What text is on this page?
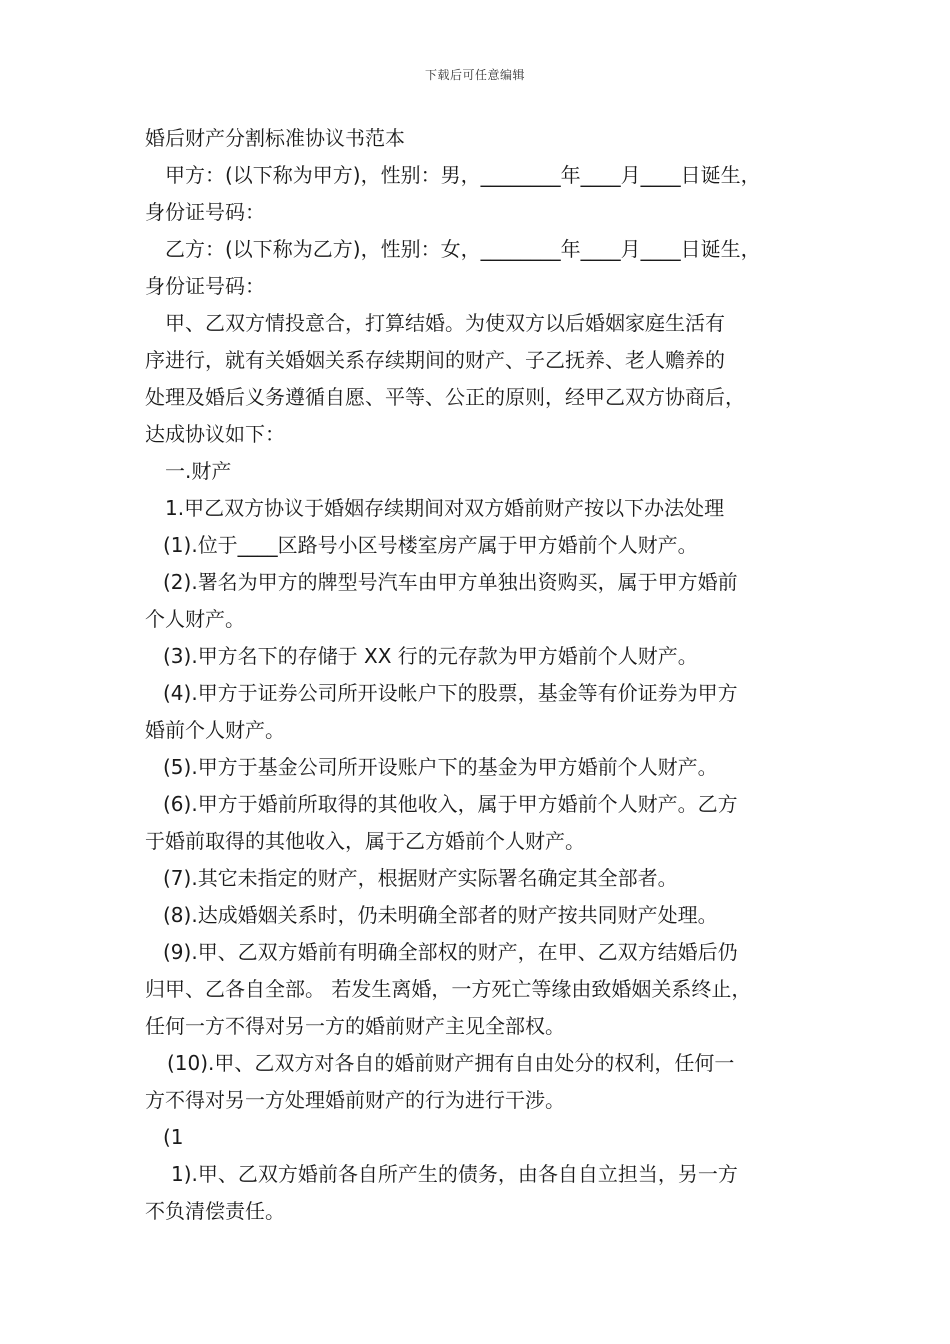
下载后可任意编辑
婚后财产分割标准协议书范本
甲方：(以下称为甲方)，性别：男，________年____月____日诞生，
身份证号码：
乙方：(以下称为乙方)，性别：女，________年____月____日诞生，
身份证号码：
甲、乙双方情投意合，打算结婚。为使双方以后婚姻家庭生活有
序进行，就有关婚姻关系存续期间的财产、子乙抚养、老人赡养的
处理及婚后义务遵循自愿、平等、公正的原则，经甲乙双方协商后，
达成协议如下：
一.财产
1.甲乙双方协议于婚姻存续期间对双方婚前财产按以下办法处理
(1).位于____区路号小区号楼室房产属于甲方婚前个人财产。
(2).署名为甲方的牌型号汽车由甲方单独出资购买，属于甲方婚前
个人财产。
(3).甲方名下的存储于 XX 行的元存款为甲方婚前个人财产。
(4).甲方于证券公司所开设帐户下的股票，基金等有价证券为甲方
婚前个人财产。
(5).甲方于基金公司所开设账户下的基金为甲方婚前个人财产。
(6).甲方于婚前所取得的其他收入，属于甲方婚前个人财产。乙方
于婚前取得的其他收入，属于乙方婚前个人财产。
(7).其它未指定的财产，根据财产实际署名确定其全部者。
(8).达成婚姻关系时，仍未明确全部者的财产按共同财产处理。
(9).甲、乙双方婚前有明确全部权的财产，在甲、乙双方结婚后仍
归甲、乙各自全部。 若发生离婚，一方死亡等缘由致婚姻关系终止，
任何一方不得对另一方的婚前财产主见全部权。
(10).甲、乙双方对各自的婚前财产拥有自由处分的权利，任何一
方不得对另一方处理婚前财产的行为进行干涉。
(1
1).甲、乙双方婚前各自所产生的债务，由各自自立担当，另一方
不负清偿责任。
